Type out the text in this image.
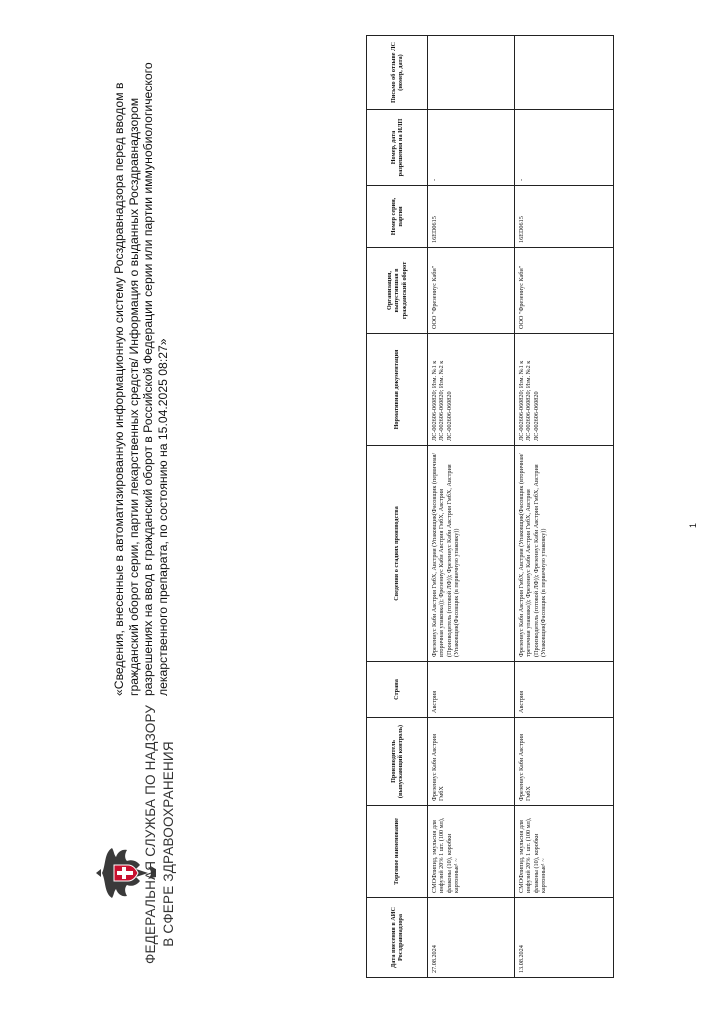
ФЕДЕРАЛЬНАЯ СЛУЖБА ПО НАДЗОРУ В СФЕРЕ ЗДРАВООХРАНЕНИЯ
«Сведения, внесенные в автоматизированную информационную систему Росздравнадзора перед вводом в гражданский оборот серии, партии лекарственных средств/ Информация о выданных Росздравнадзором разрешениях на ввод в гражданский оборот в Российской Федерации серии или партии иммунобиологического лекарственного препарата, по состоянию на 15.04.2025 08:27»
Дата внесения в АИС Росздравнадзора	Торговое наименование	Производитель (выпускающий контроль)	Страна	Сведения о стадиях производства	Нормативная документация	Организация, выпустившая в гражданский оборот	Номер серии, партии	Номер, дата разрешения на ИЛП	Письмо об отзыве ЛС (номер, дата)
27.08.2024	СМОФлипид, эмульсия для инфузий 20% 1 шт. (100 мл), флаконы (10), коробки картонные¹ ~	Фрезениус Каби Австрия ГмбХ	Австрия	Фрезениус Каби Австрия ГмбХ, Австрия (Упаковщик(Фасовщик (первичная/вторичная упаковка)); Фрезениус Каби Австрия ГмбХ, Австрия (Производитель (готовой ЛФ)); Фрезениус Каби Австрия ГмбХ, Австрия (Упаковщик(Фасовщик (в первичную упаковку))	ЛС-002606-060820; Изм. №1 к ЛС-002606-060820; Изм. №2 к ЛС-002606-060820	ООО "Фрезениус Каби"	16ED0615	-	
13.08.2024	СМОФлипид, эмульсия для инфузий 20% 1 шт. (100 мл), флаконы (10), коробки картонные¹ ~	Фрезениус Каби Австрия ГмбХ	Австрия	Фрезениус Каби Австрия ГмбХ, Австрия (Упаковщик(Фасовщик (вторичная/третичная упаковка)); Фрезениус Каби Австрия ГмбХ, Австрия (Производитель (готовой ЛФ)); Фрезениус Каби Австрия ГмбХ, Австрия (Упаковщик(Фасовщик (в первичную упаковку))	ЛС-002606-060820; Изм. №1 к ЛС-002606-060820; Изм. №2 к ЛС-002606-060820	ООО "Фрезениус Каби"	16ED0615	-	
1
